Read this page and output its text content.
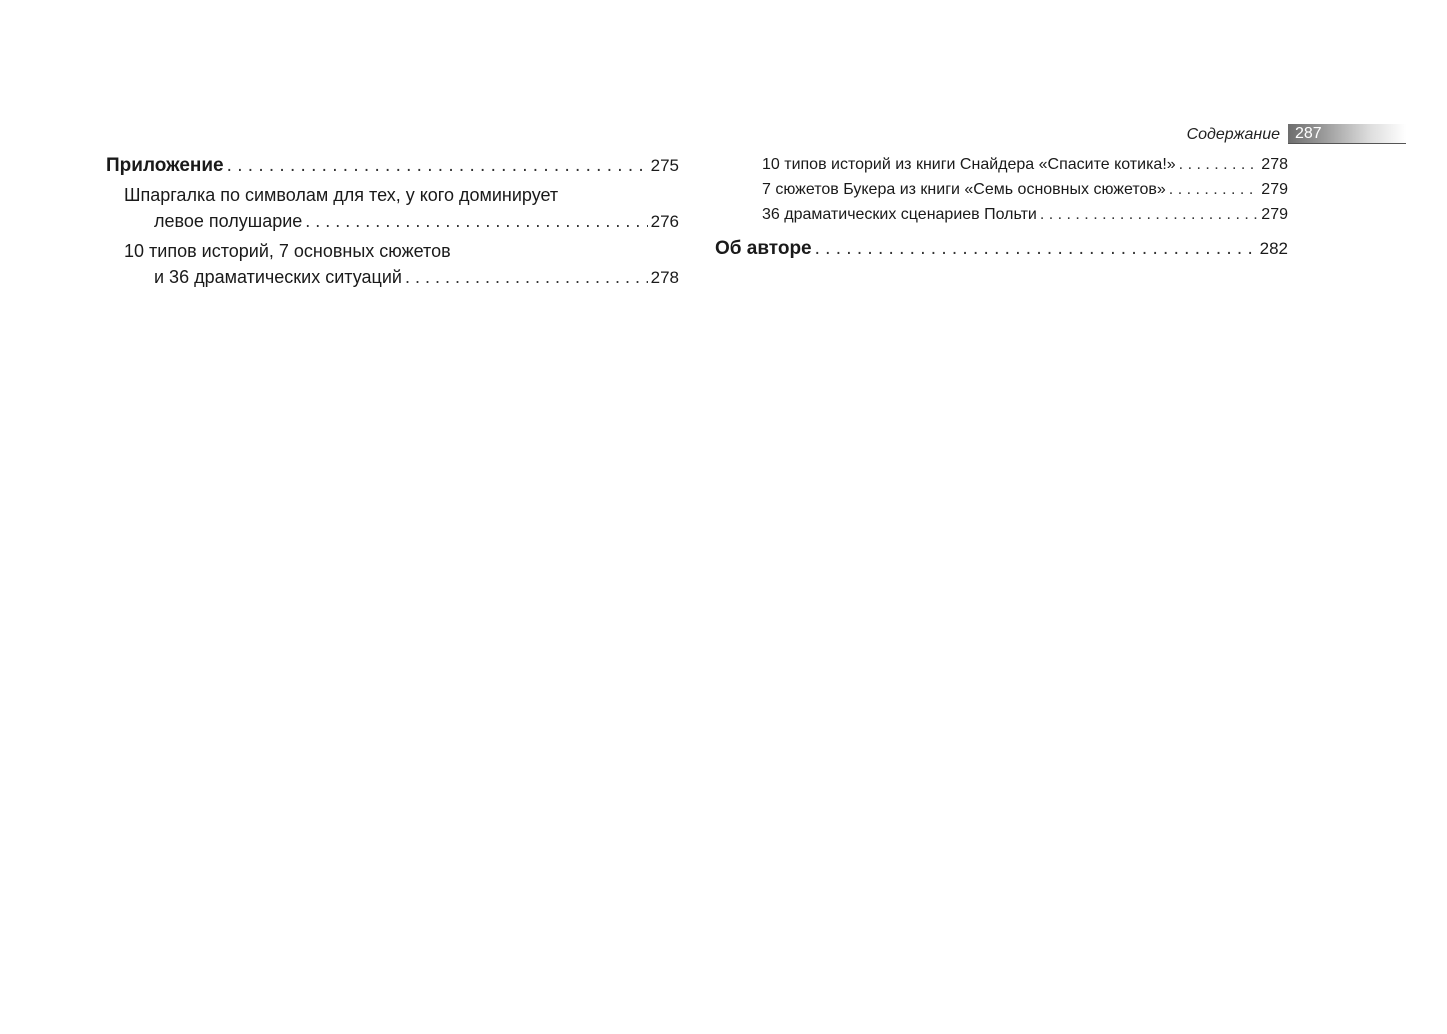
Содержание 287
Приложение . . .	275
Шпаргалка по символам для тех, у кого доминирует
левое полушарие . . .	276
10 типов историй, 7 основных сюжетов
и 36 драматических ситуаций . . .	278
10 типов историй из книги Снайдера «Спасите котика!» . . .	278
7 сюжетов Букера из книги «Семь основных сюжетов» . . .	279
36 драматических сценариев Польти . . .	279
Об авторе . . .	282
